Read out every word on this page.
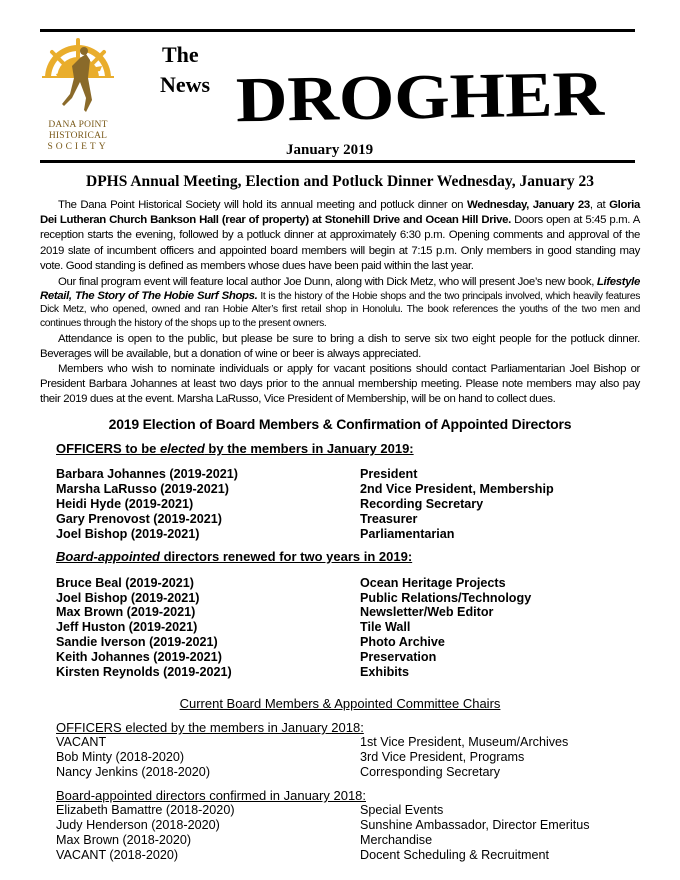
DANA POINT
HISTORICAL
SOCIETY
The
News DROGHER
January 2019
DPHS Annual Meeting, Election and Potluck Dinner Wednesday, January 23
The Dana Point Historical Society will hold its annual meeting and potluck dinner on Wednesday, January 23, at Gloria Dei Lutheran Church Bankson Hall (rear of property) at Stonehill Drive and Ocean Hill Drive. Doors open at 5:45 p.m. A reception starts the evening, followed by a potluck dinner at approximately 6:30 p.m. Opening comments and approval of the 2019 slate of incumbent officers and appointed board members will begin at 7:15 p.m. Only members in good standing may vote. Good standing is defined as members whose dues have been paid within the last year.
Our final program event will feature local author Joe Dunn, along with Dick Metz, who will present Joe’s new book, Lifestyle Retail, The Story of The Hobie Surf Shops. It is the history of the Hobie shops and the two principals involved, which heavily features Dick Metz, who opened, owned and ran Hobie Alter’s first retail shop in Honolulu. The book references the youths of the two men and continues through the history of the shops up to the present owners.
Attendance is open to the public, but please be sure to bring a dish to serve six two eight people for the potluck dinner. Beverages will be available, but a donation of wine or beer is always appreciated.
Members who wish to nominate individuals or apply for vacant positions should contact Parliamentarian Joel Bishop or President Barbara Johannes at least two days prior to the annual membership meeting. Please note members may also pay their 2019 dues at the event. Marsha LaRusso, Vice President of Membership, will be on hand to collect dues.
2019 Election of Board Members & Confirmation of Appointed Directors
OFFICERS to be elected by the members in January 2019:
Barbara Johannes (2019-2021)	President
Marsha LaRusso (2019-2021)	2nd Vice President, Membership
Heidi Hyde (2019-2021)	Recording Secretary
Gary Prenovost (2019-2021)	Treasurer
Joel Bishop (2019-2021)	Parliamentarian
Board-appointed directors renewed for two years in 2019:
Bruce Beal (2019-2021)	Ocean Heritage Projects
Joel Bishop (2019-2021)	Public Relations/Technology
Max Brown (2019-2021)	Newsletter/Web Editor
Jeff Huston (2019-2021)	Tile Wall
Sandie Iverson (2019-2021)	Photo Archive
Keith Johannes (2019-2021)	Preservation
Kirsten Reynolds (2019-2021)	Exhibits
Current Board Members & Appointed Committee Chairs
OFFICERS elected by the members in January 2018:
VACANT	1st Vice President, Museum/Archives
Bob Minty (2018-2020)	3rd Vice President, Programs
Nancy Jenkins (2018-2020)	Corresponding Secretary
Board-appointed directors confirmed in January 2018:
Elizabeth Bamattre (2018-2020)	Special Events
Judy Henderson (2018-2020)	Sunshine Ambassador, Director Emeritus
Max Brown (2018-2020)	Merchandise
VACANT (2018-2020)	Docent Scheduling & Recruitment
